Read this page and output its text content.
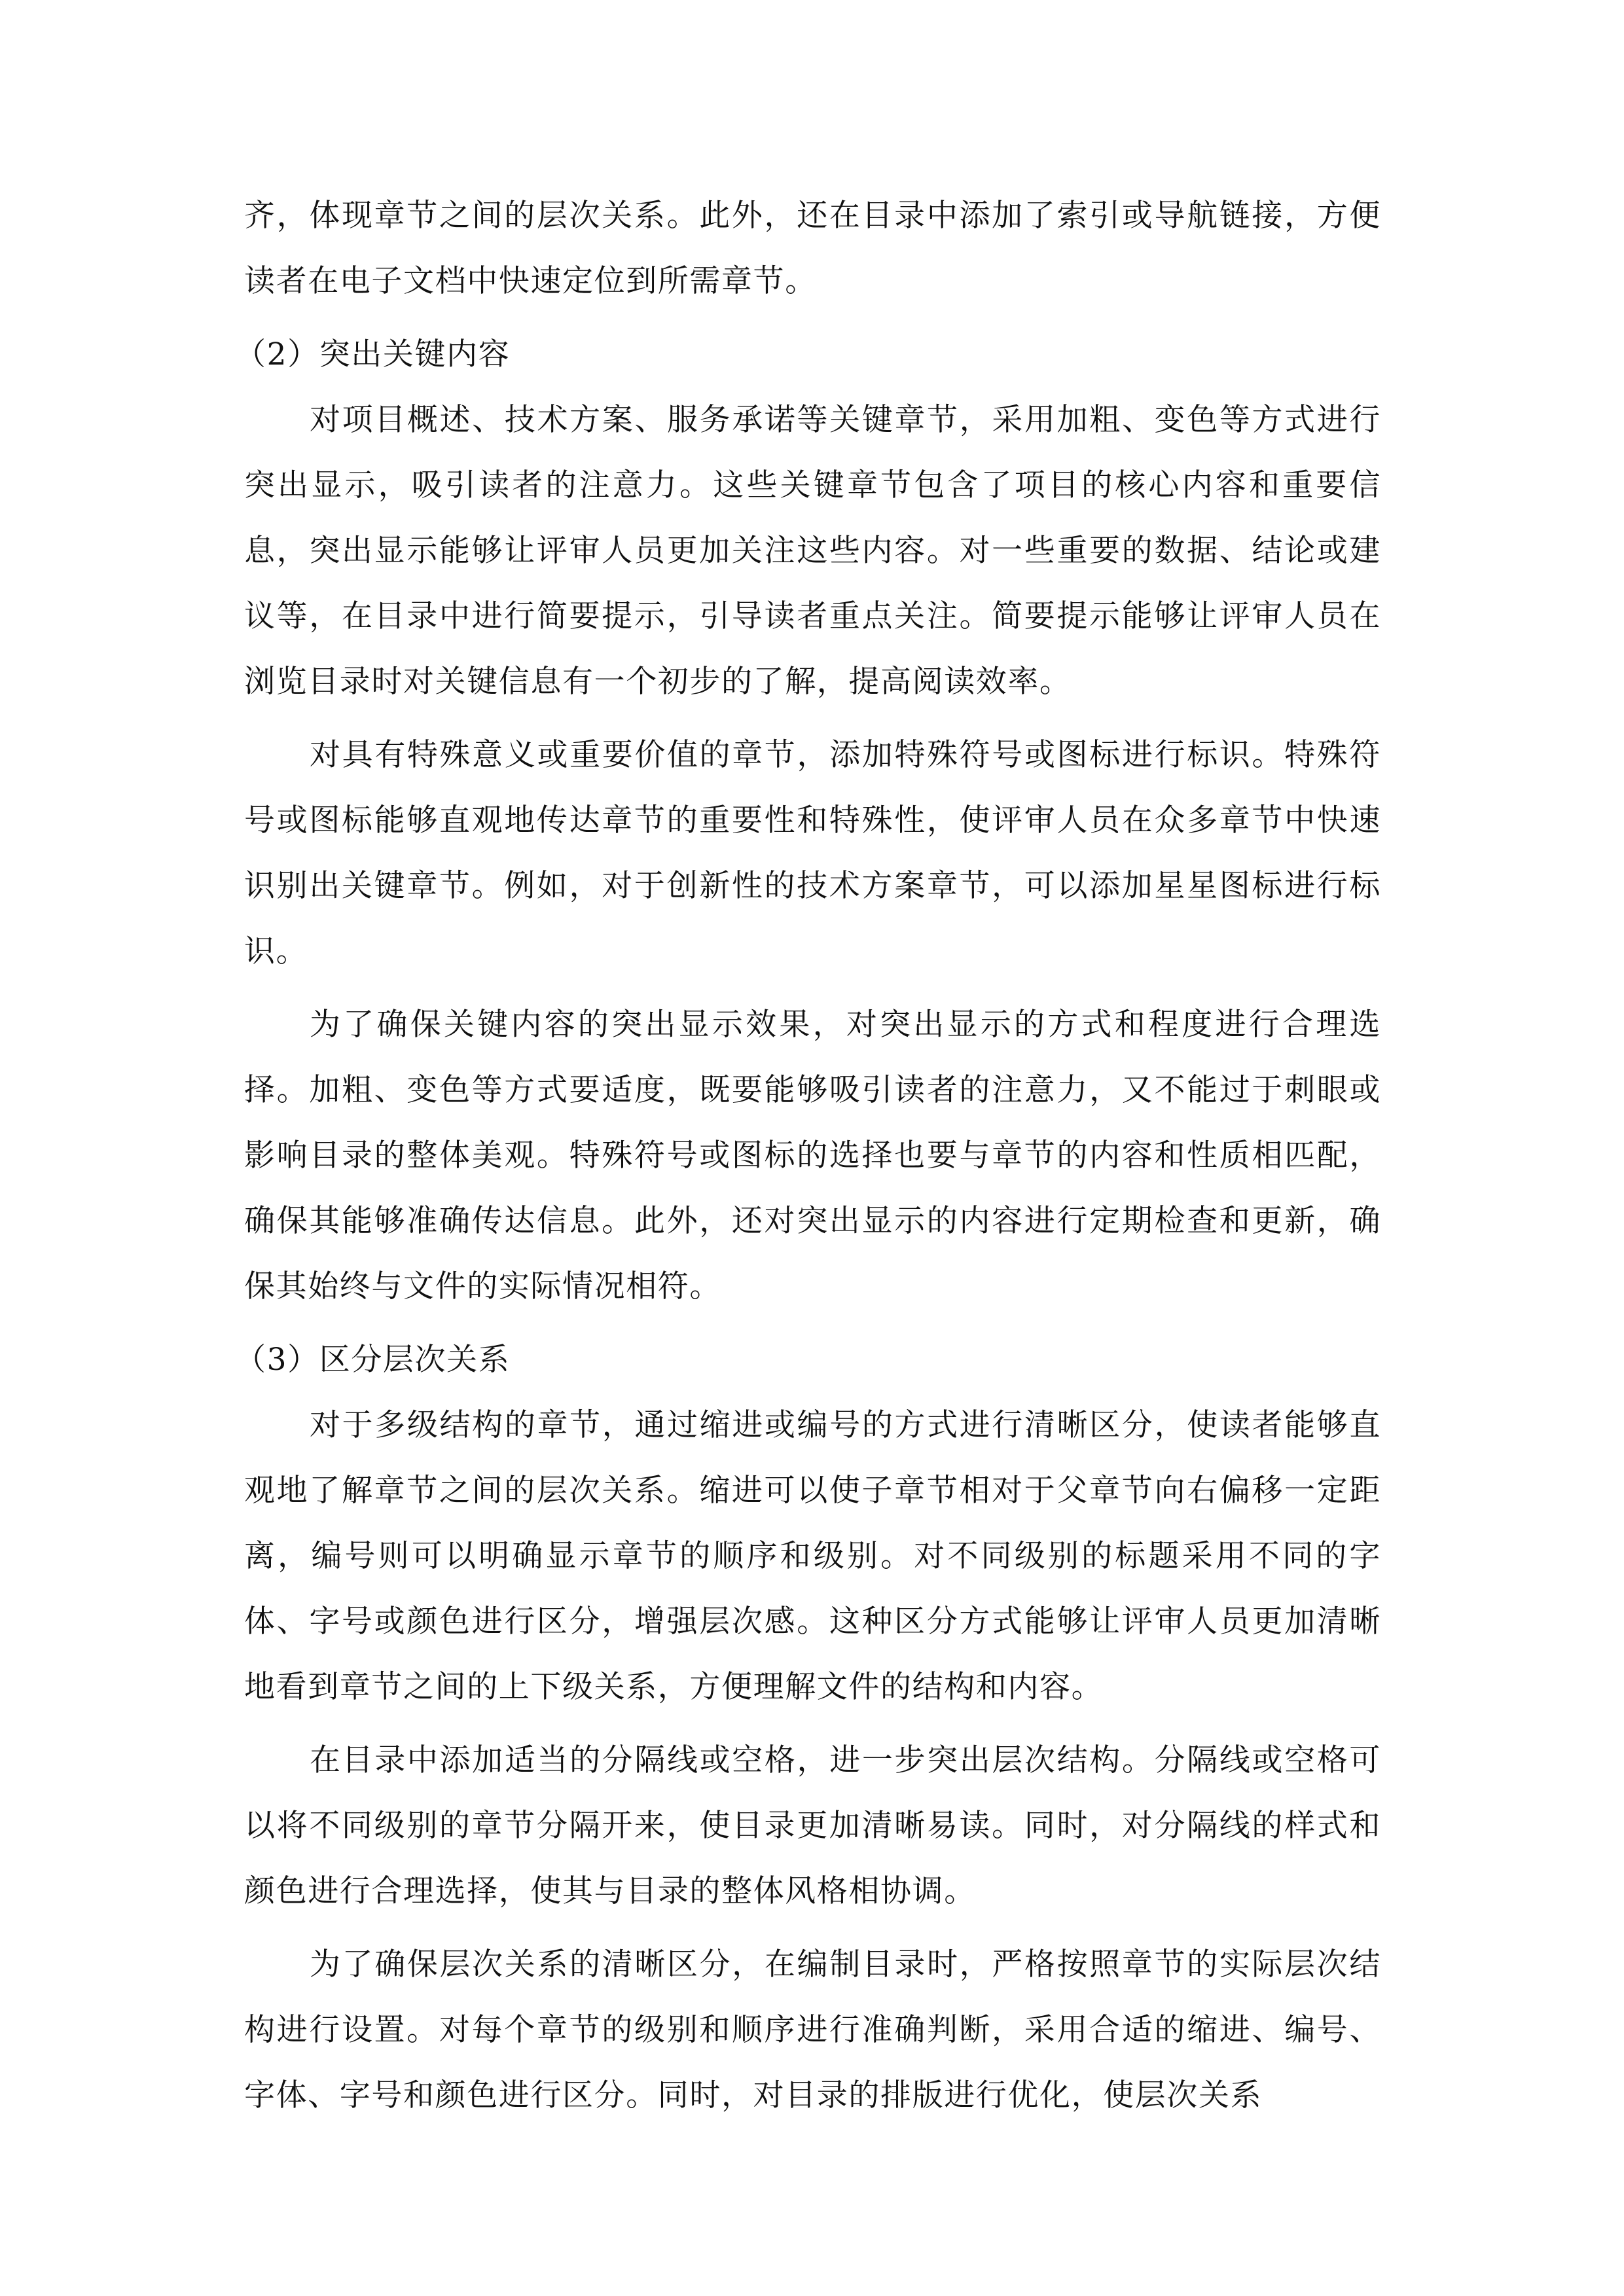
齐，体现章节之间的层次关系。此外，还在目录中添加了索引或导航链接，方便读者在电子文档中快速定位到所需章节。

（2）突出关键内容

对项目概述、技术方案、服务承诺等关键章节，采用加粗、变色等方式进行突出显示，吸引读者的注意力。这些关键章节包含了项目的核心内容和重要信息，突出显示能够让评审人员更加关注这些内容。对一些重要的数据、结论或建议等，在目录中进行简要提示，引导读者重点关注。简要提示能够让评审人员在浏览目录时对关键信息有一个初步的了解，提高阅读效率。

对具有特殊意义或重要价值的章节，添加特殊符号或图标进行标识。特殊符号或图标能够直观地传达章节的重要性和特殊性，使评审人员在众多章节中快速识别出关键章节。例如，对于创新性的技术方案章节，可以添加星星图标进行标识。

为了确保关键内容的突出显示效果，对突出显示的方式和程度进行合理选择。加粗、变色等方式要适度，既要能够吸引读者的注意力，又不能过于刺眼或影响目录的整体美观。特殊符号或图标的选择也要与章节的内容和性质相匹配，确保其能够准确传达信息。此外，还对突出显示的内容进行定期检查和更新，确保其始终与文件的实际情况相符。

（3）区分层次关系

对于多级结构的章节，通过缩进或编号的方式进行清晰区分，使读者能够直观地了解章节之间的层次关系。缩进可以使子章节相对于父章节向右偏移一定距离，编号则可以明确显示章节的顺序和级别。对不同级别的标题采用不同的字体、字号或颜色进行区分，增强层次感。这种区分方式能够让评审人员更加清晰地看到章节之间的上下级关系，方便理解文件的结构和内容。

在目录中添加适当的分隔线或空格，进一步突出层次结构。分隔线或空格可以将不同级别的章节分隔开来，使目录更加清晰易读。同时，对分隔线的样式和颜色进行合理选择，使其与目录的整体风格相协调。

为了确保层次关系的清晰区分，在编制目录时，严格按照章节的实际层次结构进行设置。对每个章节的级别和顺序进行准确判断，采用合适的缩进、编号、字体、字号和颜色进行区分。同时，对目录的排版进行优化，使层次关系
